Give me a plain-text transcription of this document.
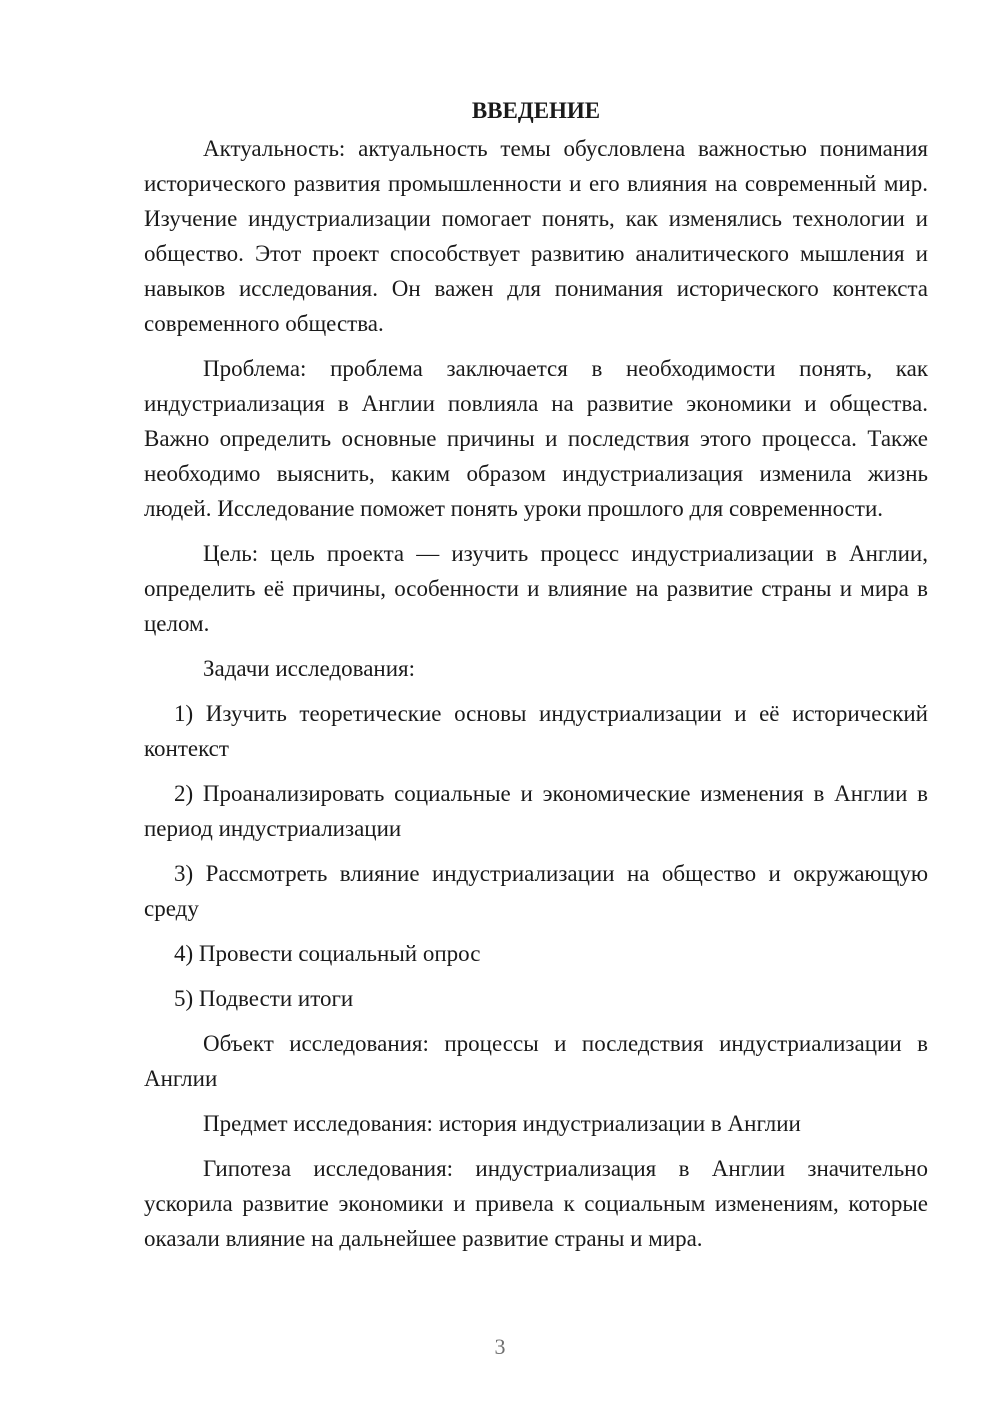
ВВЕДЕНИЕ

Актуальность: актуальность темы обусловлена важностью понимания исторического развития промышленности и его влияния на современный мир. Изучение индустриализации помогает понять, как изменялись технологии и общество. Этот проект способствует развитию аналитического мышления и навыков исследования. Он важен для понимания исторического контекста современного общества.

Проблема: проблема заключается в необходимости понять, как индустриализация в Англии повлияла на развитие экономики и общества. Важно определить основные причины и последствия этого процесса. Также необходимо выяснить, каким образом индустриализация изменила жизнь людей. Исследование поможет понять уроки прошлого для современности.

Цель: цель проекта — изучить процесс индустриализации в Англии, определить её причины, особенности и влияние на развитие страны и мира в целом.

Задачи исследования:

1) Изучить теоретические основы индустриализации и её исторический контекст

2) Проанализировать социальные и экономические изменения в Англии в период индустриализации

3) Рассмотреть влияние индустриализации на общество и окружающую среду

4) Провести социальный опрос

5) Подвести итоги

Объект исследования: процессы и последствия индустриализации в Англии

Предмет исследования: история индустриализации в Англии

Гипотеза исследования: индустриализация в Англии значительно ускорила развитие экономики и привела к социальным изменениям, которые оказали влияние на дальнейшее развитие страны и мира.

3
